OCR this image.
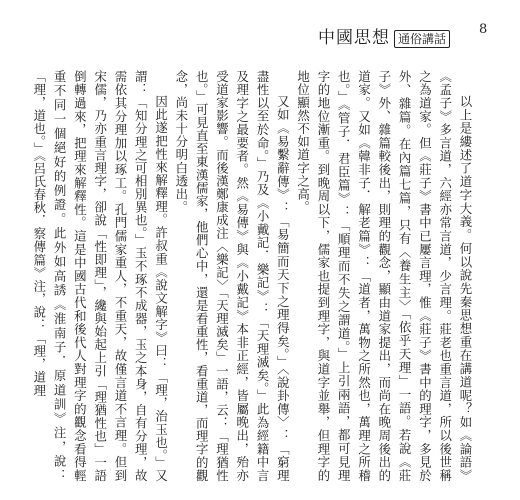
中國思想 通俗講話
8

以上是縷述了道字大義。何以說先秦思想重在講道呢？如《論語》《孟子》多言道，六經亦常言道，少言理。莊老也重言道，所以後世稱之為道家。但《莊子》書中已屢言理，惟《莊子》書中的理字，多見於外、雜篇。在內篇七篇，只有〈養生主〉「依乎天理」一語。若說《莊子》外、雜篇較後出，則理的觀念，顯由道家提出，而尚在晚周後出的道家。又如《韓非子．解老篇》：「道者，萬物之所然也，萬理之所稽也。」《管子．君臣篇》：「順理而不失之謂道。」上引兩語，都可見理字的地位漸重。到晚周以下，儒家也提到理字，與道字並舉，但理字的地位顯然不如道字之高。

又如《易繫辭傳》：「易簡而天下之理得矣。」〈說卦傳〉：「窮理盡性以至於命。」乃及《小戴記．樂記》：「天理滅矣。」此為經籍中言及理字之最要者。然《易傳》與《小戴記》本非正經，皆屬晚出，殆亦受道家影響。而後漢鄭康成注〈樂記〉「天理滅矣」一語，云：「理猶性也。」可見直至東漢儒家，他們心中，還是看重性，看重道，而理字的觀念，尚未十分明白透出。

因此遂把性來解釋理。許叔重《說文解字》曰：「理，治玉也。」又謂：「知分理之可相別異也。」玉不琢不成器，玉之本身，自有分理，故需依其分理加以琢工。孔門儒家重人，不重天，故僅言道不言理。但到宋儒，乃亦重言理字，卻說「性即理」，纔與始起上引「理猶性也」一語倒轉過來，把理來解釋性。這是中國古代和後代人對理字的觀念看得輕重不同一個絕好的例證。此外如高誘《淮南子．原道訓》注，說：「理，道也。」《呂氏春秋．察傳篇》注，說：「理，道理
